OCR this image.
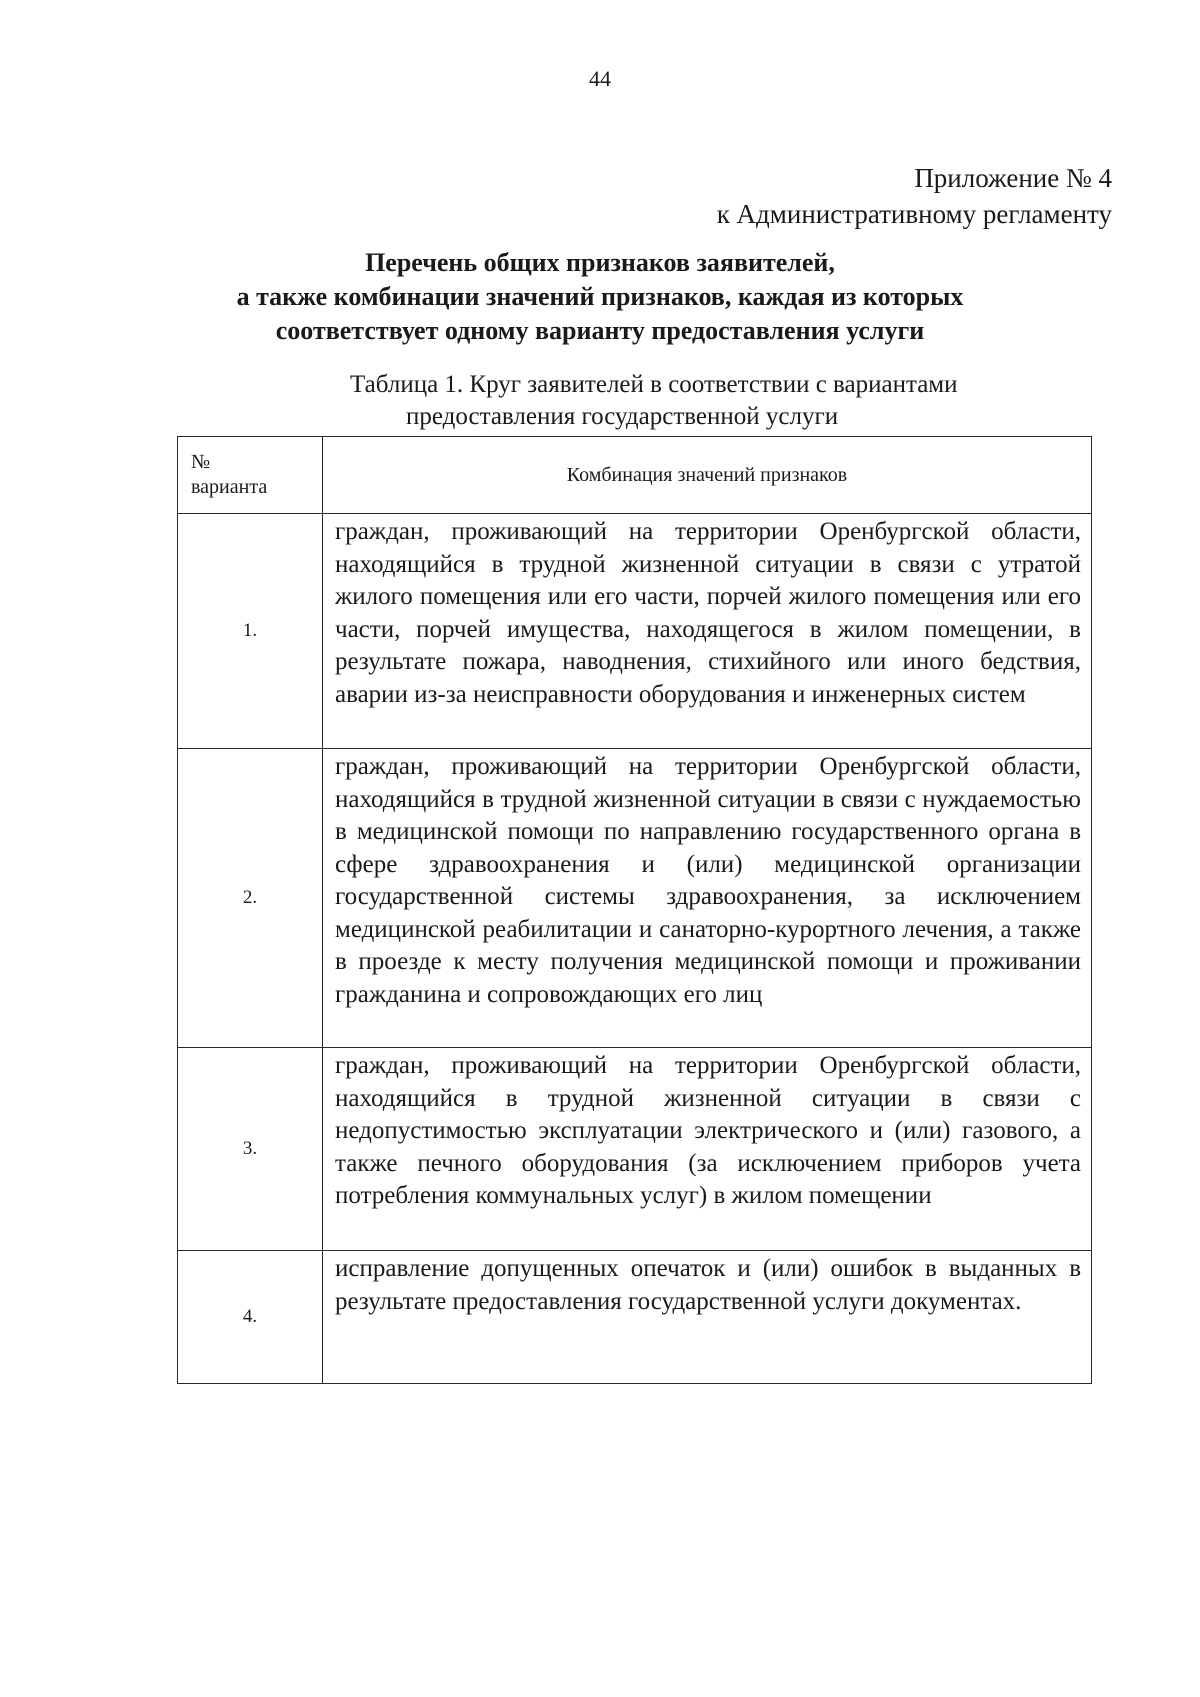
44
Приложение № 4
к Административному регламенту
Перечень общих признаков заявителей,
а также комбинации значений признаков, каждая из которых
соответствует одному варианту предоставления услуги
Таблица 1. Круг заявителей в соответствии с вариантами
предоставления государственной услуги
№
варианта	Комбинация значений признаков
1.	граждан, проживающий на территории Оренбургской области, находящийся в трудной жизненной ситуации в связи с утратой жилого помещения или его части, порчей жилого помещения или его части, порчей имущества, находящегося в жилом помещении, в результате пожара, наводнения, стихийного или иного бедствия, аварии из-за неисправности оборудования и инженерных систем
2.	граждан, проживающий на территории Оренбургской области, находящийся в трудной жизненной ситуации в связи с нуждаемостью в медицинской помощи по направлению государственного органа в сфере здравоохранения и (или) медицинской организации государственной системы здравоохранения, за исключением медицинской реабилитации и санаторно-курортного лечения, а также в проезде к месту получения медицинской помощи и проживании гражданина и сопровождающих его лиц
3.	граждан, проживающий на территории Оренбургской области, находящийся в трудной жизненной ситуации в связи с недопустимостью эксплуатации электрического и (или) газового, а также печного оборудования (за исключением приборов учета потребления коммунальных услуг) в жилом помещении
4.	исправление допущенных опечаток и (или) ошибок в выданных в результате предоставления государственной услуги документах.
